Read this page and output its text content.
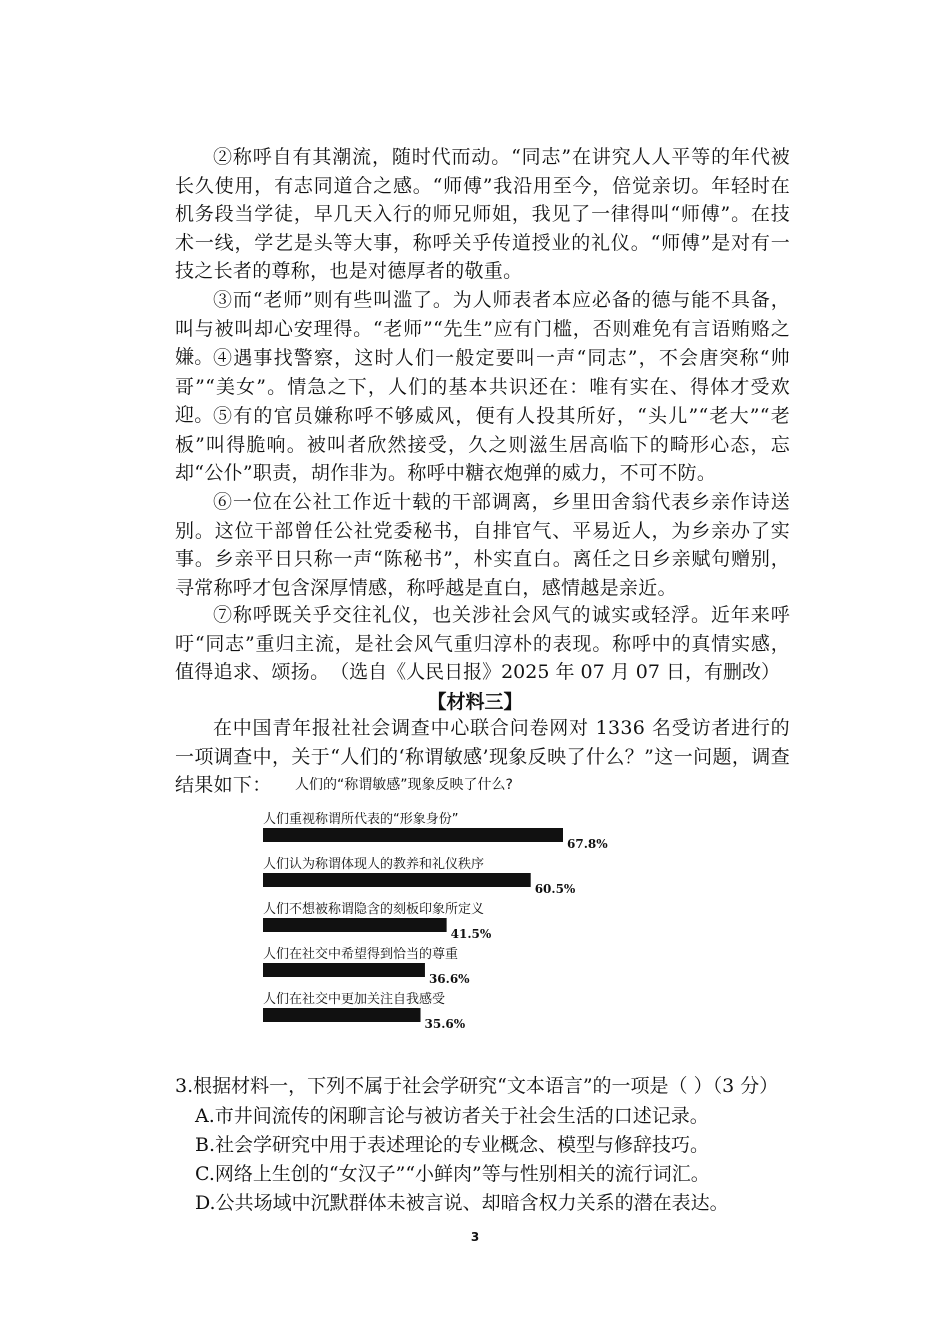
②称呼自有其潮流，随时代而动。“同志”在讲究人人平等的年代被长久使用，有志同道合之感。“师傅”我沿用至今，倍觉亲切。年轻时在机务段当学徒，早几天入行的师兄师姐，我见了一律得叫“师傅”。在技术一线，学艺是头等大事，称呼关乎传道授业的礼仪。“师傅”是对有一技之长者的尊称，也是对德厚者的敬重。

③而“老师”则有些叫滥了。为人师表者本应必备的德与能不具备，叫与被叫却心安理得。“老师”“先生”应有门槛，否则难免有言语贿赂之嫌。 ④遇事找警察，这时人们一般定要叫一声“同志”，不会唐突称“帅哥”“美女”。情急之下，人们的基本共识还在：唯有实在、得体才受欢迎。 ⑤有的官员嫌称呼不够威风，便有人投其所好，“头儿”“老大”“老板”叫得脆响。被叫者欣然接受，久之则滋生居高临下的畸形心态，忘却“公仆”职责，胡作非为。称呼中糖衣炮弹的威力，不可不防。

⑥一位在公社工作近十载的干部调离，乡里田舍翁代表乡亲作诗送别。这位干部曾任公社党委秘书，自排官气、平易近人，为乡亲办了实事。乡亲平日只称一声“陈秘书”，朴实直白。离任之日乡亲赋句赠别，寻常称呼才包含深厚情感，称呼越是直白，感情越是亲近。

⑦称呼既关乎交往礼仪，也关涉社会风气的诚实或轻浮。近年来呼吁“同志”重归主流，是社会风气重归淳朴的表现。称呼中的真情实感，值得追求、颂扬。 （选自《人民日报》2025 年 07 月 07 日，有删改）
【材料三】

在中国青年报社社会调查中心联合问卷网对 1336 名受访者进行的一项调查中，关于“人们的‘称谓敏感’现象反映了什么？”这一问题，调查结果如下：	人们的“称谓敏感”现象反映了什么?
人们重视称谓所代表的“形象身份”
67.8%
人们认为称谓体现人的教养和礼仪秩序
60.5%
人们不想被称谓隐含的刻板印象所定义
41.5%
人们在社交中希望得到恰当的尊重
36.6%
人们在社交中更加关注自我感受
35.6%

3.根据材料一，下列不属于社会学研究“文本语言”的一项是（ ）（3 分）

A.市井间流传的闲聊言论与被访者关于社会生活的口述记录。

B.社会学研究中用于表述理论的专业概念、模型与修辞技巧。

C.网络上生创的“女汉子”“小鲜肉”等与性别相关的流行词汇。

D.公共场域中沉默群体未被言说、却暗含权力关系的潜在表达。

3
